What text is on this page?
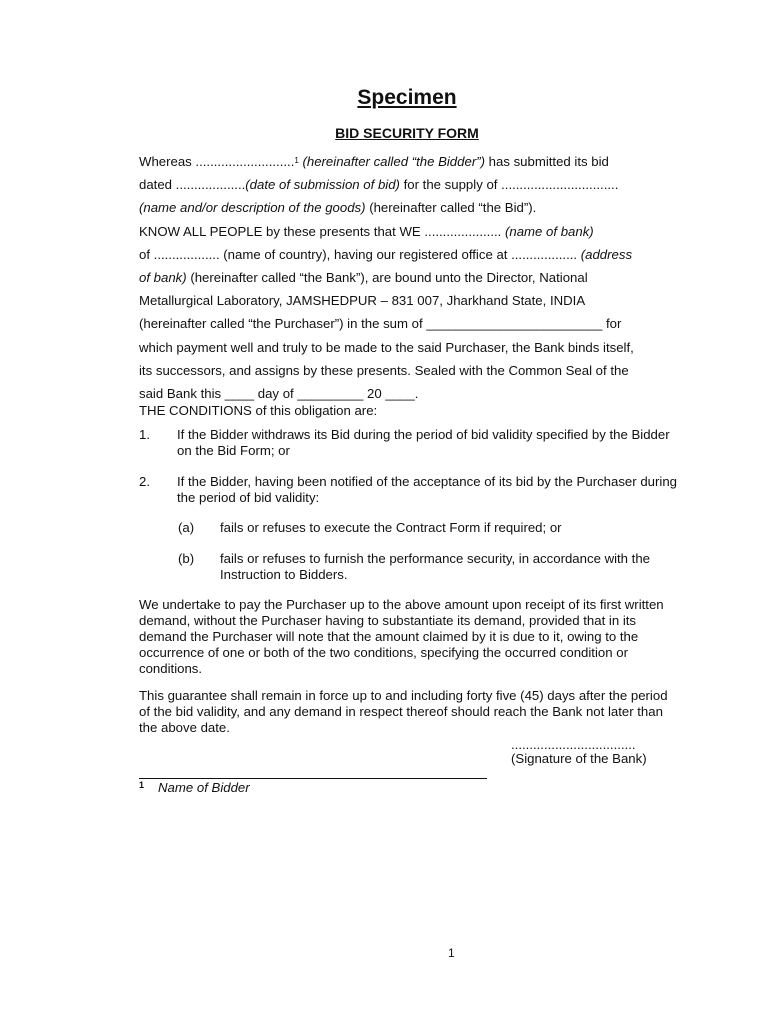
Specimen
BID SECURITY FORM
Whereas ...........................$^1$ (hereinafter called “the Bidder”) has submitted its bid
dated ...................(date of submission of bid) for the supply of ................................
(name and/or description of the goods) (hereinafter called “the Bid”).
KNOW ALL PEOPLE by these presents that WE ..................... (name of bank)
of .................. (name of country), having our registered office at .................. (address
of bank) (hereinafter called “the Bank”), are bound unto the Director, National
Metallurgical Laboratory, JAMSHEDPUR – 831 007, Jharkhand State, INDIA
(hereinafter called “the Purchaser”) in the sum of ________________________ for
which payment well and truly to be made to the said Purchaser, the Bank binds itself,
its successors, and assigns by these presents. Sealed with the Common Seal of the
said Bank this ____ day of _________ 20 ____.
THE CONDITIONS of this obligation are:
1. If the Bidder withdraws its Bid during the period of bid validity specified by the Bidder on the Bid Form; or
2. If the Bidder, having been notified of the acceptance of its bid by the Purchaser during the period of bid validity:
(a) fails or refuses to execute the Contract Form if required; or
(b) fails or refuses to furnish the performance security, in accordance with the Instruction to Bidders.
We undertake to pay the Purchaser up to the above amount upon receipt of its first written demand, without the Purchaser having to substantiate its demand, provided that in its demand the Purchaser will note that the amount claimed by it is due to it, owing to the occurrence of one or both of the two conditions, specifying the occurred condition or conditions.
This guarantee shall remain in force up to and including forty five (45) days after the period of the bid validity, and any demand in respect thereof should reach the Bank not later than the above date.
..................................
(Signature of the Bank)
$^1$ Name of Bidder
1
